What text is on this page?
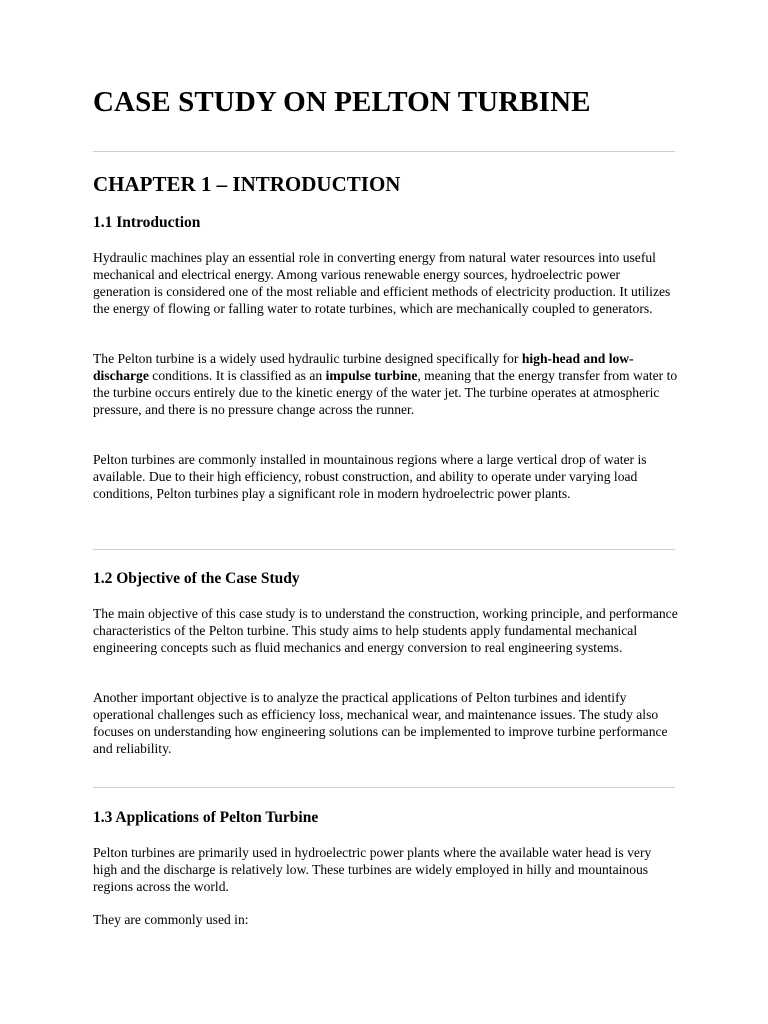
CASE STUDY ON PELTON TURBINE
CHAPTER 1 – INTRODUCTION
1.1 Introduction

Hydraulic machines play an essential role in converting energy from natural water resources into useful mechanical and electrical energy. Among various renewable energy sources, hydroelectric power generation is considered one of the most reliable and efficient methods of electricity production. It utilizes the energy of flowing or falling water to rotate turbines, which are mechanically coupled to generators.

The Pelton turbine is a widely used hydraulic turbine designed specifically for high-head and low-discharge conditions. It is classified as an impulse turbine, meaning that the energy transfer from water to the turbine occurs entirely due to the kinetic energy of the water jet. The turbine operates at atmospheric pressure, and there is no pressure change across the runner.

Pelton turbines are commonly installed in mountainous regions where a large vertical drop of water is available. Due to their high efficiency, robust construction, and ability to operate under varying load conditions, Pelton turbines play a significant role in modern hydroelectric power plants.

1.2 Objective of the Case Study

The main objective of this case study is to understand the construction, working principle, and performance characteristics of the Pelton turbine. This study aims to help students apply fundamental mechanical engineering concepts such as fluid mechanics and energy conversion to real engineering systems.

Another important objective is to analyze the practical applications of Pelton turbines and identify operational challenges such as efficiency loss, mechanical wear, and maintenance issues. The study also focuses on understanding how engineering solutions can be implemented to improve turbine performance and reliability.

1.3 Applications of Pelton Turbine

Pelton turbines are primarily used in hydroelectric power plants where the available water head is very high and the discharge is relatively low. These turbines are widely employed in hilly and mountainous regions across the world.

They are commonly used in:
